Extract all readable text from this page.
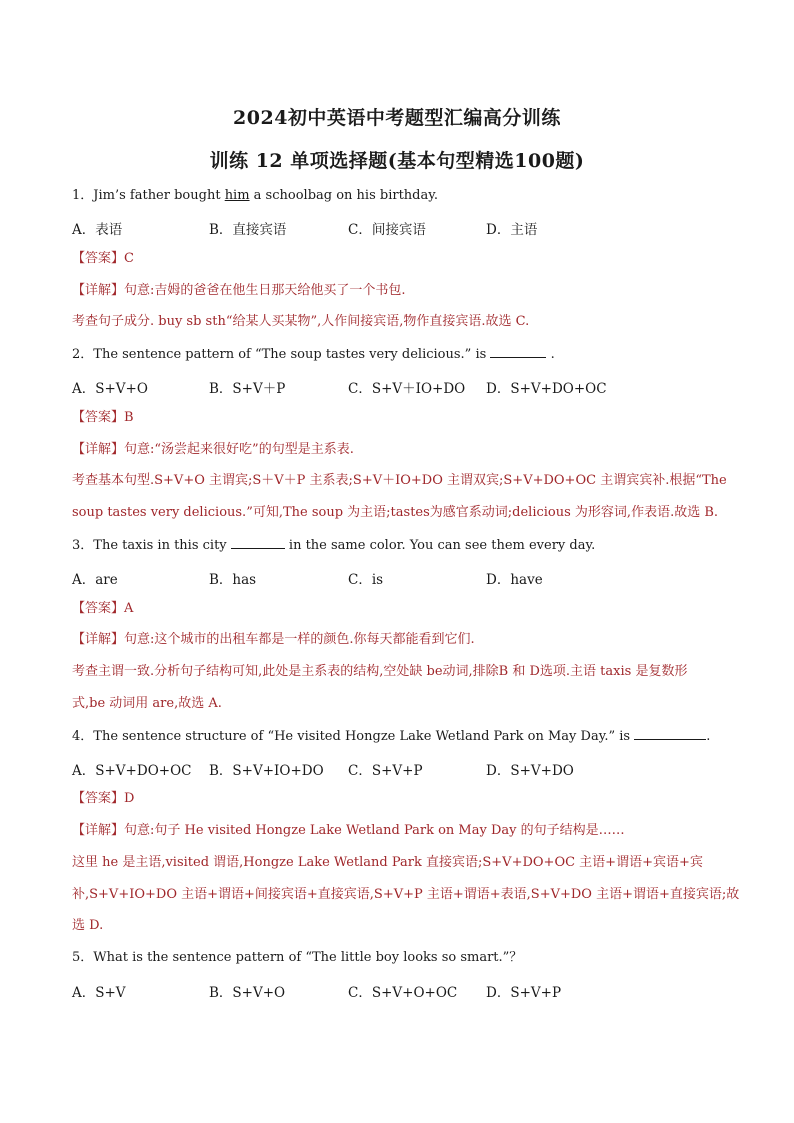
2024初中英语中考题型汇编高分训练
训练 12 单项选择题(基本句型精选100题)
1．Jim’s father bought him a schoolbag on his birthday.
A．表语	B．直接宾语	C．间接宾语	D．主语
【答案】C
【详解】句意:吉姆的爸爸在他生日那天给他买了一个书包.
考查句子成分. buy sb sth“给某人买某物”,人作间接宾语,物作直接宾语.故选 C.
2．The sentence pattern of “The soup tastes very delicious.” is	.
A．S+V+O	B．S+V＋P	C．S+V＋IO+DO D．S+V+DO+OC
【答案】B
【详解】句意:“汤尝起来很好吃”的句型是主系表.
考查基本句型.S+V+O 主谓宾;S＋V＋P 主系表;S+V＋IO+DO 主谓双宾;S+V+DO+OC 主谓宾宾补.根据“The
soup tastes very delicious.”可知,The soup 为主语;tastes为感官系动词;delicious 为形容词,作表语.故选 B.
3．The taxis in this city	in the same color. You can see them every day.
A．are	B．has	C．is	D．have
【答案】A
【详解】句意:这个城市的出租车都是一样的颜色.你每天都能看到它们.
考查主谓一致.分析句子结构可知,此处是主系表的结构,空处缺 be动词,排除B 和 D选项.主语 taxis 是复数形
式,be 动词用 are,故选 A.
4．The sentence structure of “He visited Hongze Lake Wetland Park on May Day.” is	.
A．S+V+DO+OC B．S+V+IO+DO C．S+V+P	D．S+V+DO
【答案】D
【详解】句意:句子 He visited Hongze Lake Wetland Park on May Day 的句子结构是……
这里 he 是主语,visited 谓语,Hongze Lake Wetland Park 直接宾语;S+V+DO+OC 主语+谓语+宾语+宾
补,S+V+IO+DO 主语+谓语+间接宾语+直接宾语,S+V+P 主语+谓语+表语,S+V+DO 主语+谓语+直接宾语;故
选 D.
5．What is the sentence pattern of “The little boy looks so smart.”？
A．S+V	B．S+V+O	C．S+V+O+OC D．S+V+P
